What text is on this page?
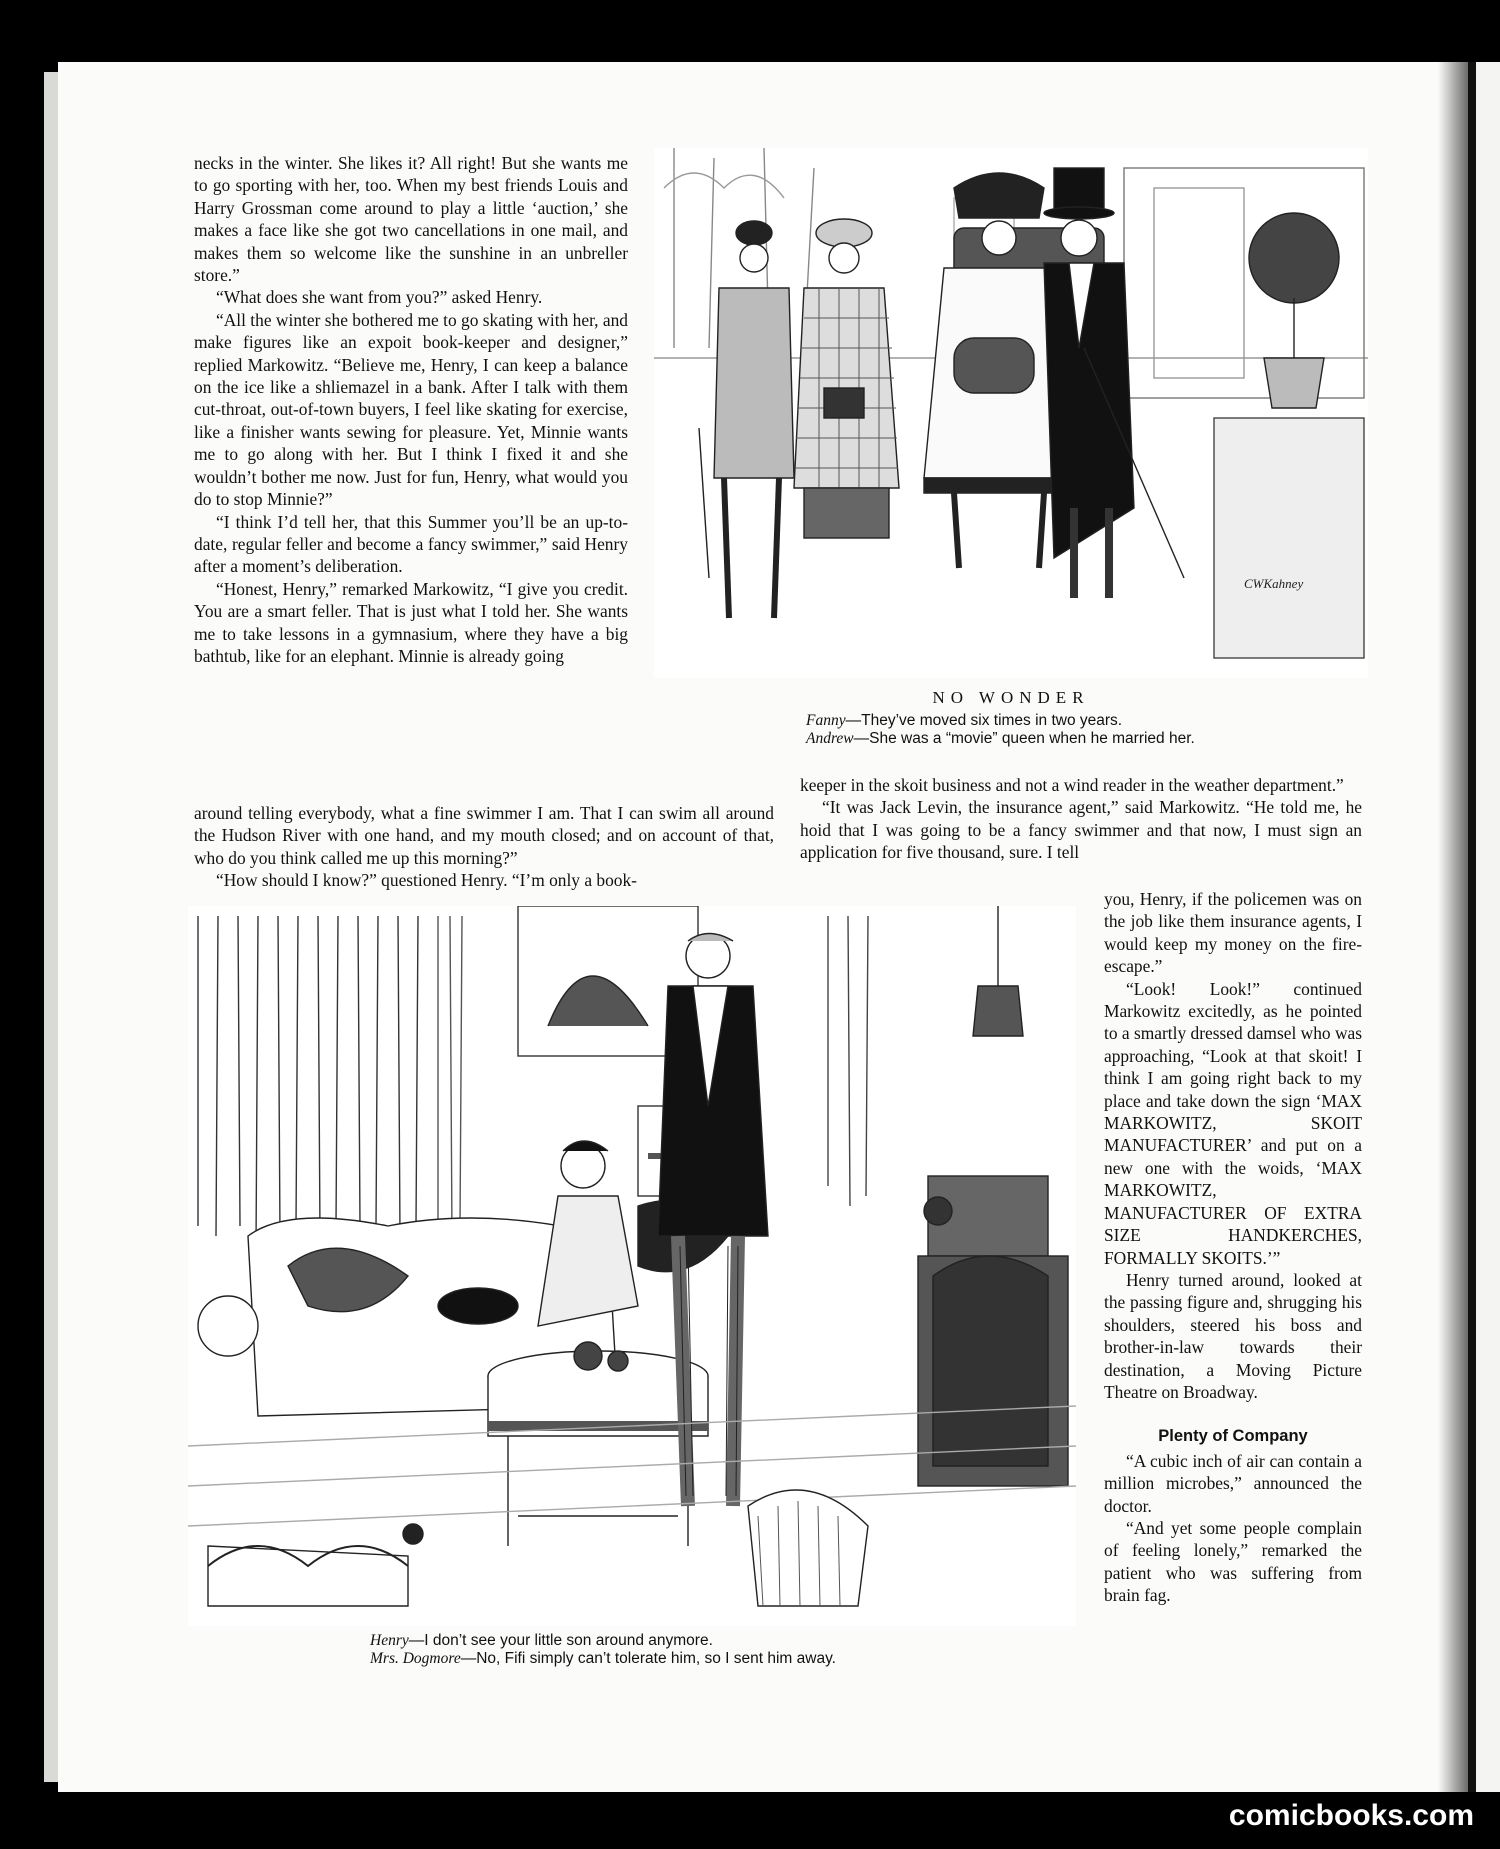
necks in the winter. She likes it? All right! But she wants me to go sporting with her, too. When my best friends Louis and Harry Grossman come around to play a little ‘auction,’ she makes a face like she got two cancellations in one mail, and makes them so welcome like the sunshine in an unbreller store.”

“What does she want from you?” asked Henry.

“All the winter she bothered me to go skating with her, and make figures like an expoit book-keeper and designer,” replied Markowitz. “Believe me, Henry, I can keep a balance on the ice like a shliemazel in a bank. After I talk with them cut-throat, out-of-town buyers, I feel like skating for exercise, like a finisher wants sewing for pleasure. Yet, Minnie wants me to go along with her. But I think I fixed it and she wouldn’t bother me now. Just for fun, Henry, what would you do to stop Minnie?”

“I think I’d tell her, that this Summer you’ll be an up-to-date, regular feller and become a fancy swimmer,” said Henry after a moment’s deliberation.

“Honest, Henry,” remarked Markowitz, “I give you credit. You are a smart feller. That is just what I told her. She wants me to take lessons in a gymnasium, where they have a big bathtub, like for an elephant. Minnie is already going

CWKahney
NO WONDER
Fanny—They’ve moved six times in two years.
Andrew—She was a “movie” queen when he married her.

around telling everybody, what a fine swimmer I am. That I can swim all around the Hudson River with one hand, and my mouth closed; and on account of that, who do you think called me up this morning?”

“How should I know?” questioned Henry. “I’m only a book-

keeper in the skoit business and not a wind reader in the weather department.”

“It was Jack Levin, the insurance agent,” said Markowitz. “He told me, he hoid that I was going to be a fancy swimmer and that now, I must sign an application for five thousand, sure. I tell

Henry—I don’t see your little son around anymore.
Mrs. Dogmore—No, Fifi simply can’t tolerate him, so I sent him away.

you, Henry, if the policemen was on the job like them insurance agents, I would keep my money on the fire-escape.”

“Look! Look!” continued Markowitz excitedly, as he pointed to a smartly dressed damsel who was approaching, “Look at that skoit! I think I am going right back to my place and take down the sign ‘MAX MARKOWITZ, SKOIT MANUFACTURER’ and put on a new one with the woids, ‘MAX MARKOWITZ, MANUFACTURER OF EXTRA SIZE HANDKERCHES, FORMALLY SKOITS.’”

Henry turned around, looked at the passing figure and, shrugging his shoulders, steered his boss and brother-in-law towards their destination, a Moving Picture Theatre on Broadway.

Plenty of Company

“A cubic inch of air can contain a million microbes,” announced the doctor.

“And yet some people complain of feeling lonely,” remarked the patient who was suffering from brain fag.

comicbooks.com
